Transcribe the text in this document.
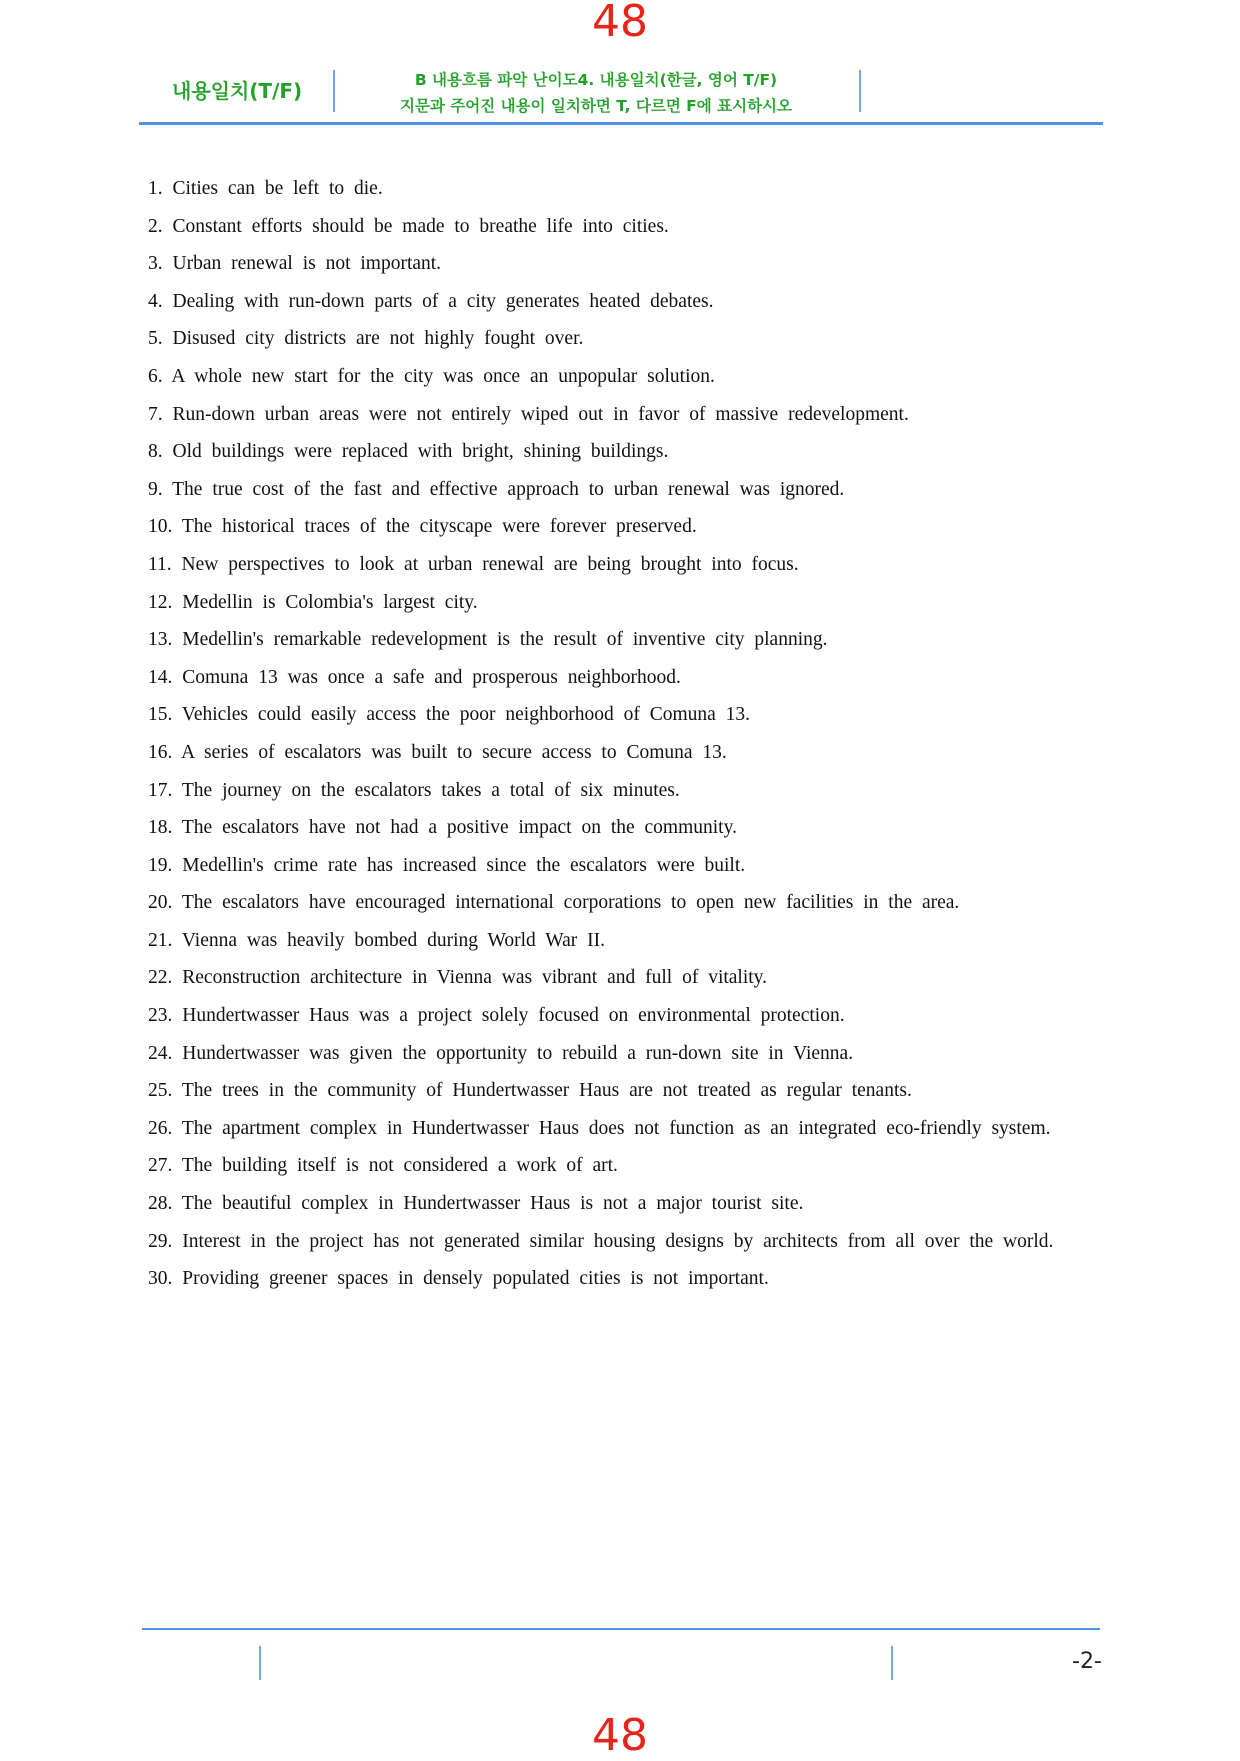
48
내용일치(T/F)	B 내용흐름 파악 난이도4. 내용일치(한글, 영어 T/F)
지문과 주어진 내용이 일치하면 T, 다르면 F에 표시하시오
1. Cities can be left to die.
2. Constant efforts should be made to breathe life into cities.
3. Urban renewal is not important.
4. Dealing with run-down parts of a city generates heated debates.
5. Disused city districts are not highly fought over.
6. A whole new start for the city was once an unpopular solution.
7. Run-down urban areas were not entirely wiped out in favor of massive redevelopment.
8. Old buildings were replaced with bright, shining buildings.
9. The true cost of the fast and effective approach to urban renewal was ignored.
10. The historical traces of the cityscape were forever preserved.
11. New perspectives to look at urban renewal are being brought into focus.
12. Medellin is Colombia's largest city.
13. Medellin's remarkable redevelopment is the result of inventive city planning.
14. Comuna 13 was once a safe and prosperous neighborhood.
15. Vehicles could easily access the poor neighborhood of Comuna 13.
16. A series of escalators was built to secure access to Comuna 13.
17. The journey on the escalators takes a total of six minutes.
18. The escalators have not had a positive impact on the community.
19. Medellin's crime rate has increased since the escalators were built.
20. The escalators have encouraged international corporations to open new facilities in the area.
21. Vienna was heavily bombed during World War II.
22. Reconstruction architecture in Vienna was vibrant and full of vitality.
23. Hundertwasser Haus was a project solely focused on environmental protection.
24. Hundertwasser was given the opportunity to rebuild a run-down site in Vienna.
25. The trees in the community of Hundertwasser Haus are not treated as regular tenants.
26. The apartment complex in Hundertwasser Haus does not function as an integrated eco-friendly system.
27. The building itself is not considered a work of art.
28. The beautiful complex in Hundertwasser Haus is not a major tourist site.
29. Interest in the project has not generated similar housing designs by architects from all over the world.
30. Providing greener spaces in densely populated cities is not important.
-2-
48
